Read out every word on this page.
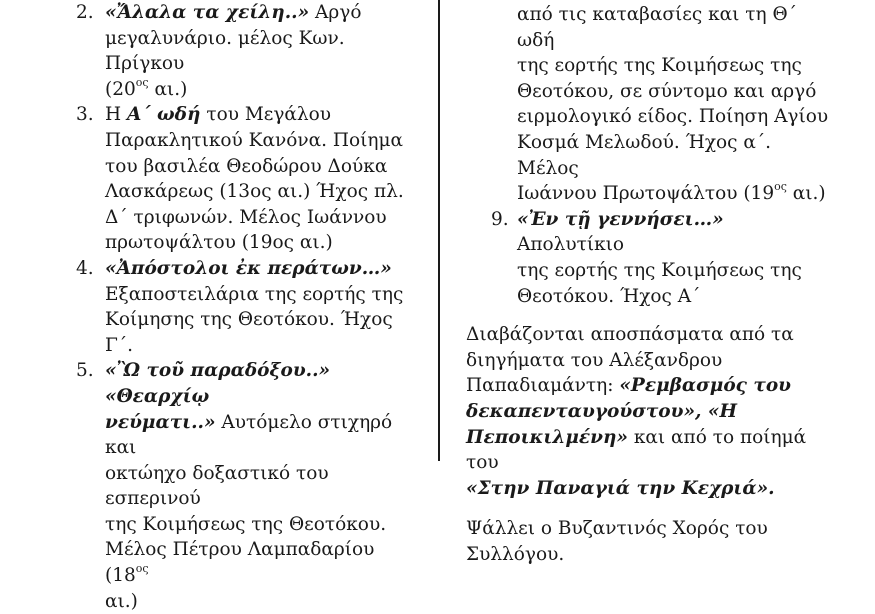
2. «Ἄλαλα τα χείλη..» Αργό
μεγαλυνάριο. μέλος Κων. Πρίγκου
($20^{o\varsigma}$ αι.)
3. Η Α΄ ωδή του Μεγάλου
Παρακλητικού Κανόνα. Ποίημα
του βασιλέα Θεοδώρου Δούκα
Λασκάρεως (13ος αι.) Ήχος πλ.
Δ΄ τριφωνών. Μέλος Ιωάννου
πρωτοψάλτου (19ος αι.)
4. «Ἀπόστολοι ἐκ περάτων…»
Εξαποστειλάρια της εορτής της
Κοίμησης της Θεοτόκου. Ήχος Γ΄.
5. «Ὢ τοῦ παραδόξου..» «Θεαρχίῳ
νεύματι..» Αυτόμελο στιχηρό και
οκτώηχο δοξαστικό του εσπερινού
της Κοιμήσεως της Θεοτόκου.
Μέλος Πέτρου Λαμπαδαρίου ($18^{o\varsigma}$
αι.)
από τις καταβασίες και τη Θ΄ ωδή
της εορτής της Κοιμήσεως της
Θεοτόκου, σε σύντομο και αργό
ειρμολογικό είδος. Ποίηση Αγίου
Κοσμά Μελωδού. Ήχος α΄. Μέλος
Ιωάννου Πρωτοψάλτου ($19^{o\varsigma}$ αι.)
9. «Ἐν τῇ γεννήσει…» Απολυτίκιο
της εορτής της Κοιμήσεως της
Θεοτόκου. Ήχος Α΄
Διαβάζονται αποσπάσματα από τα
διηγήματα του Αλέξανδρου
Παπαδιαμάντη: «Ρεμβασμός του
δεκαπενταυγούστου», «Η
Πεποικιλμένη» και από το ποίημά του
«Στην Παναγιά την Κεχριά».
Ψάλλει ο Βυζαντινός Χορός του
Συλλόγου.
